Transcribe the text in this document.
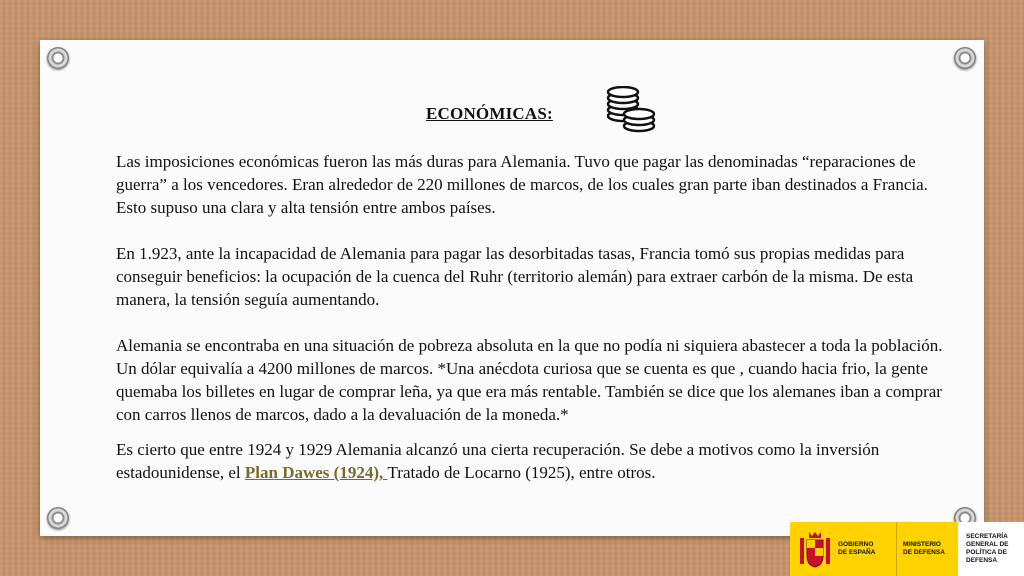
ECONÓMICAS:

Las imposiciones económicas fueron las más duras para Alemania. Tuvo que pagar las denominadas “reparaciones de guerra” a los vencedores. Eran alrededor de 220 millones de marcos, de los cuales gran parte iban destinados a Francia. Esto supuso una clara y alta tensión entre ambos países.

En 1.923, ante la incapacidad de Alemania para pagar las desorbitadas tasas, Francia tomó sus propias medidas para conseguir beneficios: la ocupación de la cuenca del Ruhr (territorio alemán) para extraer carbón de la misma. De esta manera, la tensión seguía aumentando.

Alemania se encontraba en una situación de pobreza absoluta en la que no podía ni siquiera abastecer a toda la población. Un dólar equivalía a 4200 millones de marcos. *Una anécdota curiosa que se cuenta es que , cuando hacia frio, la gente quemaba los billetes en lugar de comprar leña, ya que era más rentable. También se dice que los alemanes iban a comprar con carros llenos de marcos, dado a la devaluación de la moneda.*

Es cierto que entre 1924 y 1929 Alemania alcanzó una cierta recuperación. Se debe a motivos como la inversión estadounidense, el Plan Dawes (1924), Tratado de Locarno (1925), entre otros.

GOBIERNO
DE ESPAÑA
MINISTERIO
DE DEFENSA
SECRETARÍA GENERAL DE
POLÍTICA DE DEFENSA
